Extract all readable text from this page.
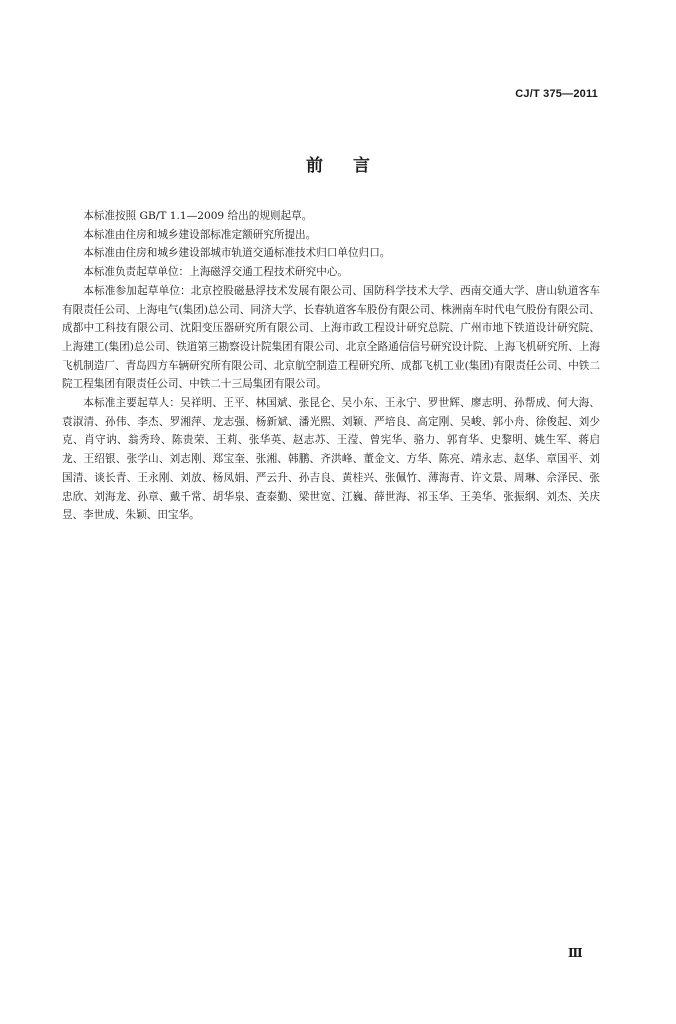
CJ/T 375—2011
前言

本标准按照 GB/T 1.1—2009 给出的规则起草。

本标准由住房和城乡建设部标准定额研究所提出。

本标准由住房和城乡建设部城市轨道交通标准技术归口单位归口。

本标准负责起草单位：上海磁浮交通工程技术研究中心。

本标准参加起草单位：北京控股磁悬浮技术发展有限公司、国防科学技术大学、西南交通大学、唐山轨道客车有限责任公司、上海电气(集团)总公司、同济大学、长春轨道客车股份有限公司、株洲南车时代电气股份有限公司、成都中工科技有限公司、沈阳变压器研究所有限公司、上海市政工程设计研究总院、广州市地下铁道设计研究院、上海建工(集团)总公司、铁道第三勘察设计院集团有限公司、北京全路通信信号研究设计院、上海飞机研究所、上海飞机制造厂、青岛四方车辆研究所有限公司、北京航空制造工程研究所、成都飞机工业(集团)有限责任公司、中铁二院工程集团有限责任公司、中铁二十三局集团有限公司。

本标准主要起草人：吴祥明、王平、林国斌、张昆仑、吴小东、王永宁、罗世辉、廖志明、孙帮成、何大海、袁淑清、孙伟、李杰、罗湘萍、龙志强、杨新斌、潘光熙、刘颖、严培良、高定刚、吴峻、郭小舟、徐俊起、刘少克、肖守讷、翁秀玲、陈贵荣、王莉、张华英、赵志苏、王滢、曾宪华、骆力、郭育华、史黎明、姚生军、蒋启龙、王绍银、张学山、刘志刚、郑宝奎、张湘、韩鹏、齐洪峰、董金文、方华、陈亮、靖永志、赵华、章国平、刘国清、谈长青、王永刚、刘放、杨凤娟、严云升、孙吉良、黄桂兴、张佩竹、薄海青、许文景、周琳、佘泽民、张忠欣、刘海龙、孙章、戴千常、胡华泉、查泰勤、梁世宽、江巍、薛世海、祁玉华、王美华、张振纲、刘杰、关庆昱、李世成、朱颖、田宝华。

Ⅲ
